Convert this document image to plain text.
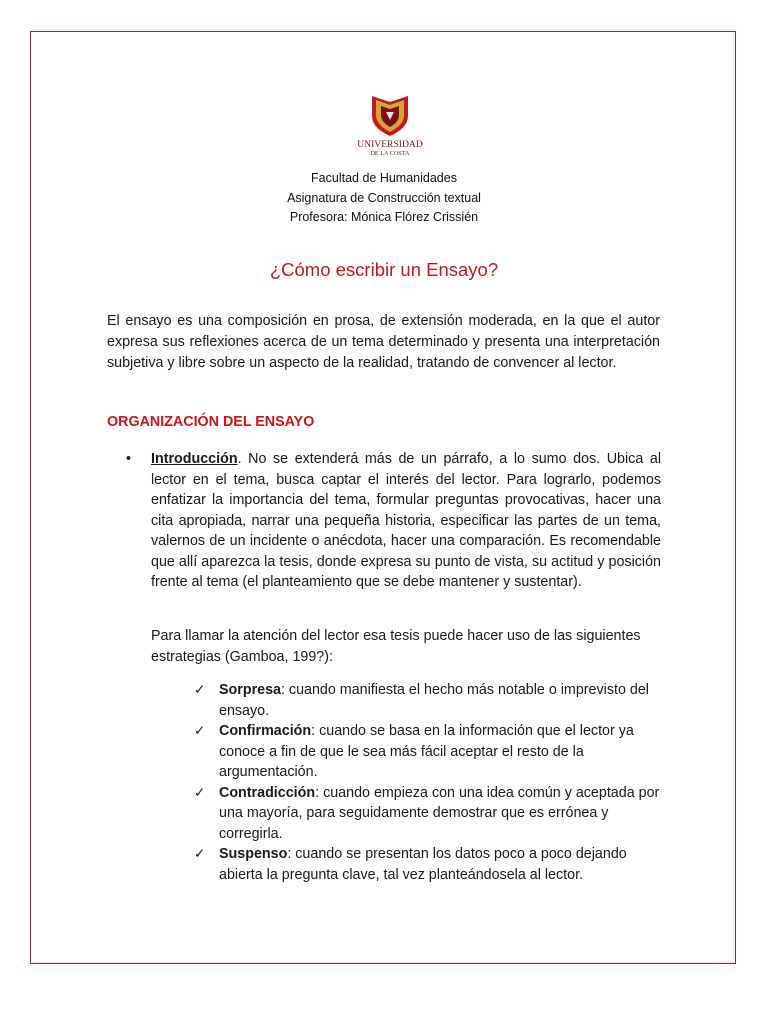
UNIVERSIDAD
DE LA COSTA
Facultad de Humanidades
Asignatura de Construcción textual
Profesora: Mónica Flórez Crissién
¿Cómo escribir un Ensayo?

El ensayo es una composición en prosa, de extensión moderada, en la que el autor expresa sus reflexiones acerca de un tema determinado y presenta una interpretación subjetiva y libre sobre un aspecto de la realidad, tratando de convencer al lector.

ORGANIZACIÓN DEL ENSAYO
• Introducción. No se extenderá más de un párrafo, a lo sumo dos. Ubica al lector en el tema, busca captar el interés del lector. Para lograrlo, podemos enfatizar la importancia del tema, formular preguntas provocativas, hacer una cita apropiada, narrar una pequeña historia, especificar las partes de un tema, valernos de un incidente o anécdota, hacer una comparación. Es recomendable que allí aparezca la tesis, donde expresa su punto de vista, su actitud y posición frente al tema (el planteamiento que se debe mantener y sustentar).

Para llamar la atención del lector esa tesis puede hacer uso de las siguientes estrategias (Gamboa, 199?):

✓ Sorpresa: cuando manifiesta el hecho más notable o imprevisto del ensayo.

✓ Confirmación: cuando se basa en la información que el lector ya conoce a fin de que le sea más fácil aceptar el resto de la argumentación.

✓ Contradicción: cuando empieza con una idea común y aceptada por una mayoría, para seguidamente demostrar que es errónea y corregirla.

✓ Suspenso: cuando se presentan los datos poco a poco dejando abierta la pregunta clave, tal vez planteándosela al lector.
